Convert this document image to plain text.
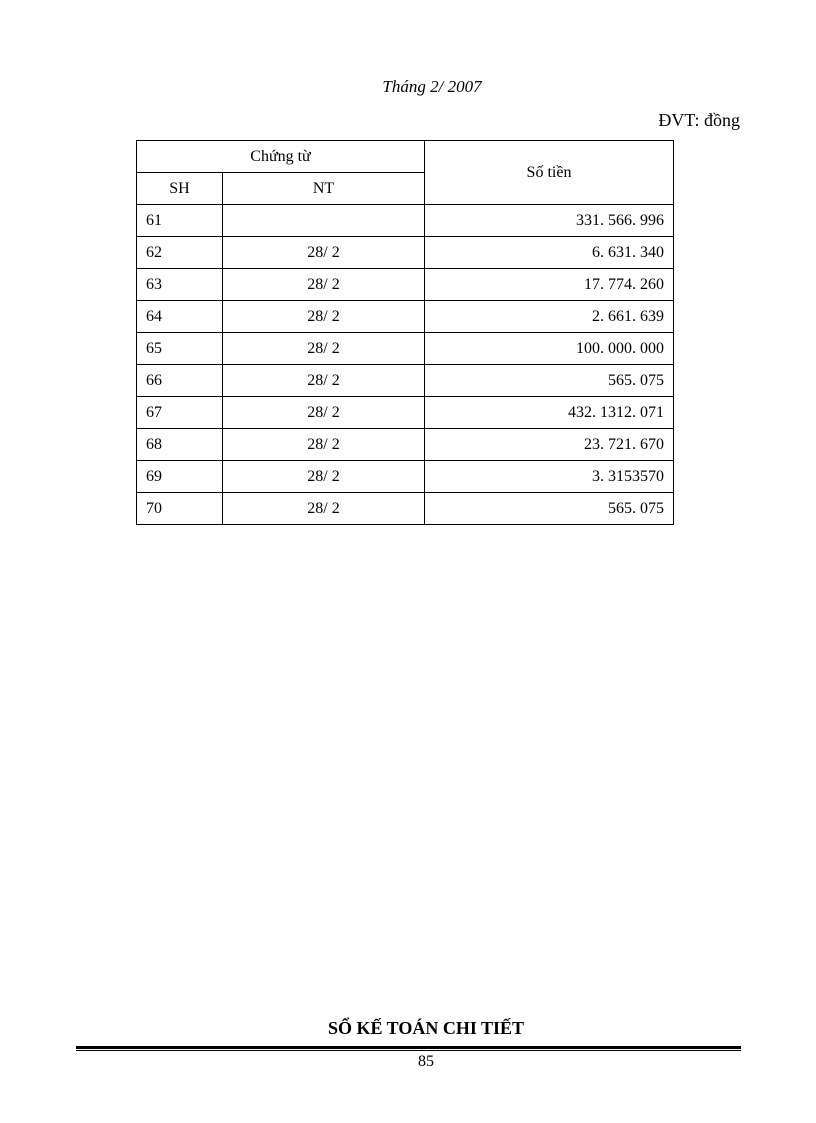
Tháng 2/ 2007
ĐVT: đồng
Chứng từ		Số tiền
SH	NT	
61		331. 566. 996
62	28/ 2	6. 631. 340
63	28/ 2	17. 774. 260
64	28/ 2	2. 661. 639
65	28/ 2	100. 000. 000
66	28/ 2	565. 075
67	28/ 2	432. 1312. 071
68	28/ 2	23. 721. 670
69	28/ 2	3. 3153570
70	28/ 2	565. 075
SỔ KẾ TOÁN CHI TIẾT
85
